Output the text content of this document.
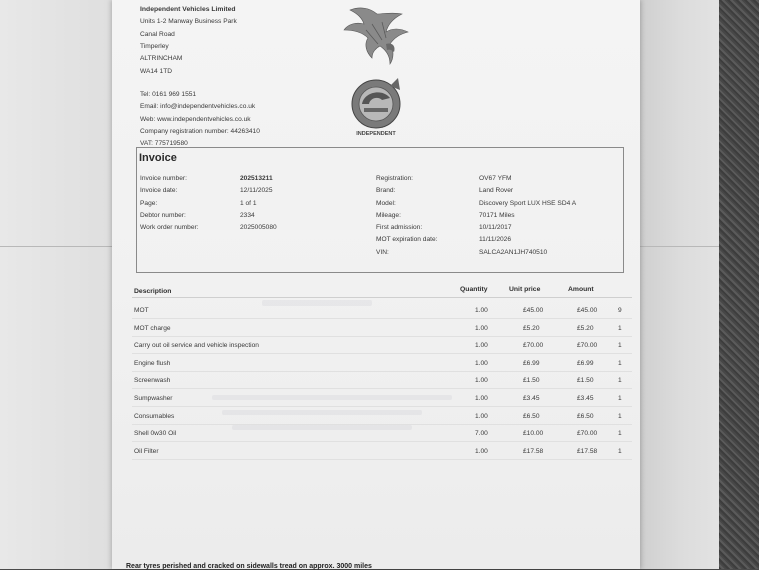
Independent Vehicles Limited
Units 1-2 Manway Business Park
Canal Road
Timperley
ALTRINCHAM
WA14 1TD
Tel: 0161 969 1551
Email: info@independentvehicles.co.uk
Web: www.independentvehicles.co.uk
Company registration number: 44263410
VAT: 775719580
INDEPENDENT
Invoice
Invoice number:	202513211
Invoice date:	12/11/2025
Page:	1 of 1
Debtor number:	2334
Work order number:	2025005080
Registration:	OV67 YFM
Brand:	Land Rover
Model:	Discovery Sport LUX HSE SD4 A
Mileage:	70171 Miles
First admission:	10/11/2017
MOT expiration date:	11/11/2026
VIN:	SALCA2AN1JH740510
Description	Quantity	Unit price	Amount
MOT	1.00	£45.00	£45.00	9
MOT charge	1.00	£5.20	£5.20	1
Carry out oil service and vehicle inspection	1.00	£70.00	£70.00	1
Engine flush	1.00	£6.99	£6.99	1
Screenwash	1.00	£1.50	£1.50	1
Sumpwasher	1.00	£3.45	£3.45	1
Consumables	1.00	£6.50	£6.50	1
Shell 0w30 Oil	7.00	£10.00	£70.00	1
Oil Filter	1.00	£17.58	£17.58	1
Rear tyres perished and cracked on sidewalls tread on approx. 3000 miles
